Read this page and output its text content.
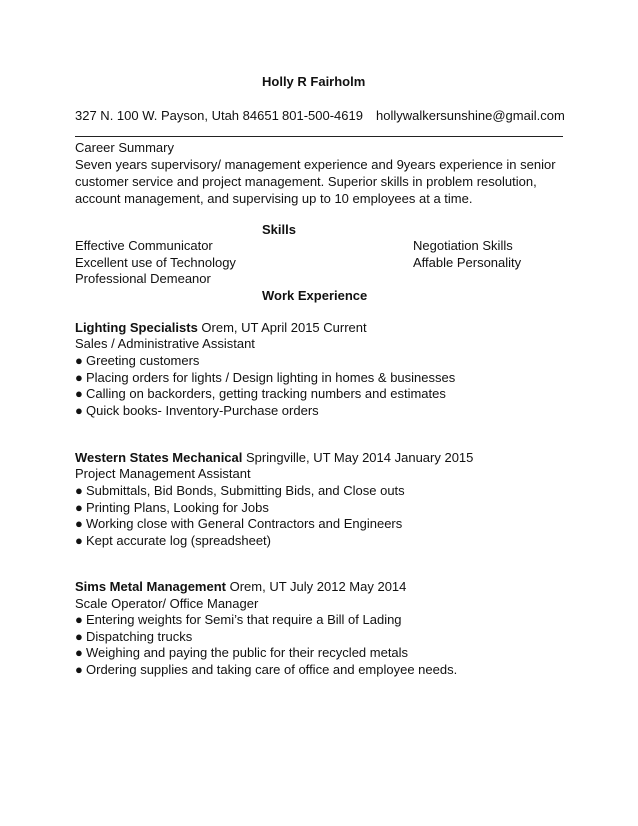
Holly R Fairholm
327 N. 100 W. Payson, Utah 84651 801-500-4619 hollywalkersunshine@gmail.com
Career Summary
Seven years supervisory/ management experience and 9years experience in senior
customer service and project management. Superior skills in problem resolution,
account management, and supervising up to 10 employees at a time.
Skills
Effective Communicator
Excellent use of Technology
Professional Demeanor
Negotiation Skills
Affable Personality
Work Experience
Lighting Specialists Orem, UT April 2015 Current
Sales / Administrative Assistant
● Greeting customers
● Placing orders for lights / Design lighting in homes & businesses
● Calling on backorders, getting tracking numbers and estimates
● Quick books- Inventory-Purchase orders
Western States Mechanical Springville, UT May 2014 January 2015
Project Management Assistant
● Submittals, Bid Bonds, Submitting Bids, and Close outs
● Printing Plans, Looking for Jobs
● Working close with General Contractors and Engineers
● Kept accurate log (spreadsheet)
Sims Metal Management Orem, UT July 2012 May 2014
Scale Operator/ Office Manager
● Entering weights for Semi’s that require a Bill of Lading
● Dispatching trucks
● Weighing and paying the public for their recycled metals
● Ordering supplies and taking care of office and employee needs.
